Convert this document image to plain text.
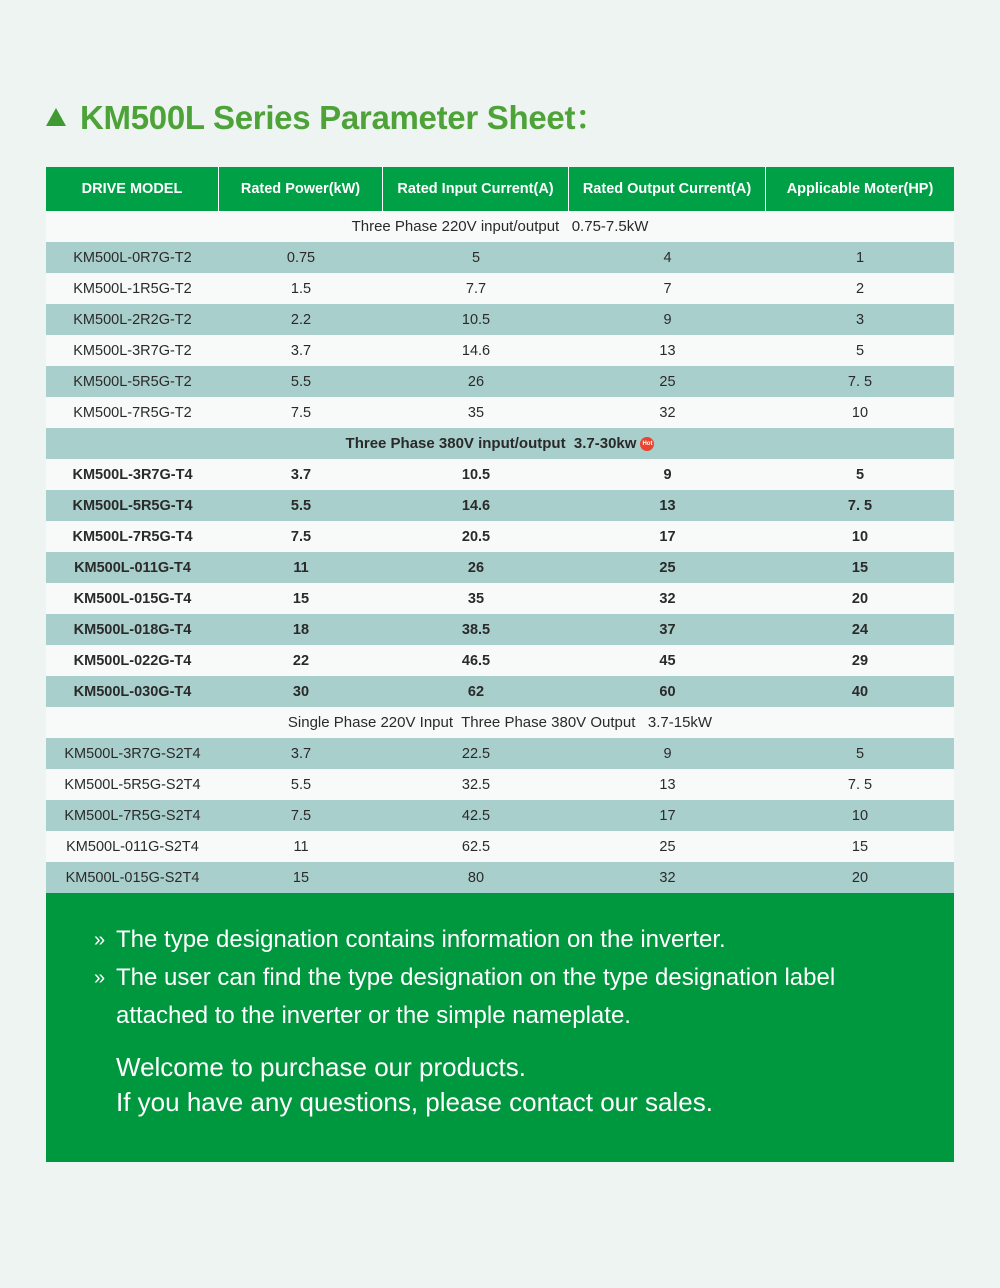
KM500L Series Parameter Sheet：
DRIVE MODEL	Rated Power(kW)	Rated Input Current(A)	Rated Output Current(A)	Applicable Moter(HP)
Three Phase 220V input/output   0.75-7.5kW
KM500L-0R7G-T2	0.75	5	4	1
KM500L-1R5G-T2	1.5	7.7	7	2
KM500L-2R2G-T2	2.2	10.5	9	3
KM500L-3R7G-T2	3.7	14.6	13	5
KM500L-5R5G-T2	5.5	26	25	7. 5
KM500L-7R5G-T2	7.5	35	32	10
Three Phase 380V input/output  3.7-30kw	Hot
KM500L-3R7G-T4	3.7	10.5	9	5
KM500L-5R5G-T4	5.5	14.6	13	7. 5
KM500L-7R5G-T4	7.5	20.5	17	10
KM500L-011G-T4	11	26	25	15
KM500L-015G-T4	15	35	32	20
KM500L-018G-T4	18	38.5	37	24
KM500L-022G-T4	22	46.5	45	29
KM500L-030G-T4	30	62	60	40
Single Phase 220V Input  Three Phase 380V Output   3.7-15kW
KM500L-3R7G-S2T4	3.7	22.5	9	5
KM500L-5R5G-S2T4	5.5	32.5	13	7. 5
KM500L-7R5G-S2T4	7.5	42.5	17	10
KM500L-011G-S2T4	11	62.5	25	15
KM500L-015G-S2T4	15	80	32	20
» The type designation contains information on the inverter.
» The user can find the type designation on the type designation label attached to the inverter or the simple nameplate.
Welcome to purchase our products.
If you have any questions, please contact our sales.
